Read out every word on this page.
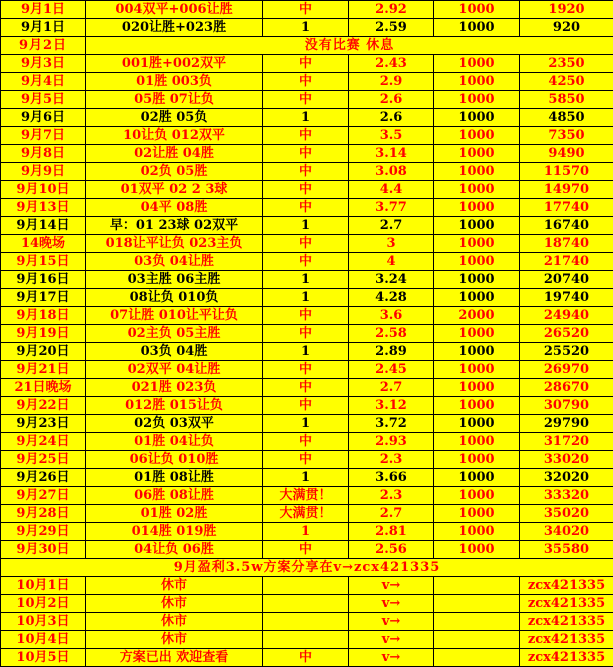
9月1日	004双平+006让胜	中	2.92	1000	1920
9月1日	020让胜+023胜	1	2.59	1000	920
9月2日	没有比赛 休息				
9月3日	001胜+002双平	中	2.43	1000	2350
9月4日	01胜 003负	中	2.9	1000	4250
9月5日	05胜 07让负	中	2.6	1000	5850
9月6日	02胜 05负	1	2.6	1000	4850
9月7日	10让负 012双平	中	3.5	1000	7350
9月8日	02让胜 04胜	中	3.14	1000	9490
9月9日	02负 05胜	中	3.08	1000	11570
9月10日	01双平 02 2 3球	中	4.4	1000	14970
9月13日	04平 08胜	中	3.77	1000	17740
9月14日	早：01 23球 02双平	1	2.7	1000	16740
14晚场	018让平让负 023主负	中	3	1000	18740
9月15日	03负 04让胜	中	4	1000	21740
9月16日	03主胜 06主胜	1	3.24	1000	20740
9月17日	08让负 010负	1	4.28	1000	19740
9月18日	07让胜 010让平让负	中	3.6	2000	24940
9月19日	02主负 05主胜	中	2.58	1000	26520
9月20日	03负 04胜	1	2.89	1000	25520
9月21日	02双平 04让胜	中	2.45	1000	26970
21日晚场	021胜 023负	中	2.7	1000	28670
9月22日	012胜 015让负	中	3.12	1000	30790
9月23日	02负 03双平	1	3.72	1000	29790
9月24日	01胜 04让负	中	2.93	1000	31720
9月25日	06让负 010胜	中	2.3	1000	33020
9月26日	01胜 08让胜	1	3.66	1000	32020
9月27日	06胜 08让胜	大满贯！	2.3	1000	33320
9月28日	01胜 02胜	大满贯！	2.7	1000	35020
9月29日	014胜 019胜	1	2.81	1000	34020
9月30日	04让负 06胜	中	2.56	1000	35580
9月盈利3.5w方案分享在v→zcx421335					
10月1日	休市		v→		zcx421335
10月2日	休市		v→		zcx421335
10月3日	休市		v→		zcx421335
10月4日	休市		v→		zcx421335
10月5日	方案已出 欢迎查看	中	v→		zcx421335
